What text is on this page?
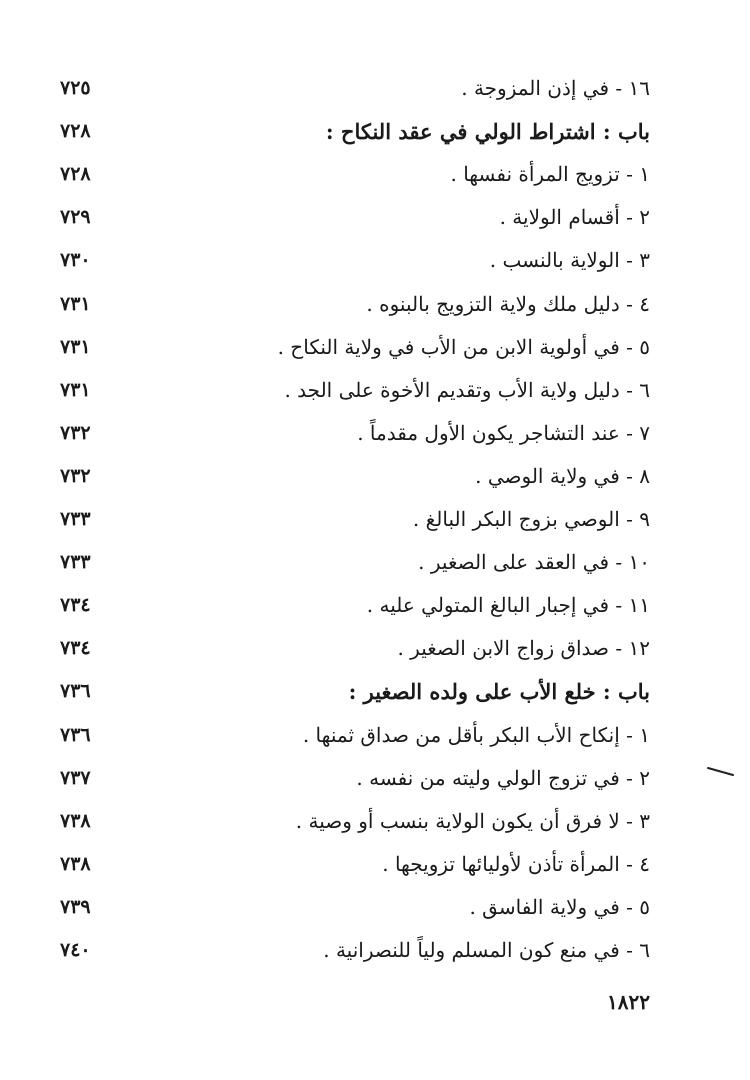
١٦ - في إذن المزوجة .
٧٢٥
باب : اشتراط الولي في عقد النكاح :
٧٢٨
١ - تزويج المرأة نفسها .
٧٢٨
٢ - أقسام الولاية .
٧٢٩
٣ - الولاية بالنسب .
٧٣٠
٤ - دليل ملك ولاية التزويج بالبنوه .
٧٣١
٥ - في أولوية الابن من الأب في ولاية النكاح .
٧٣١
٦ - دليل ولاية الأب وتقديم الأخوة على الجد .
٧٣١
٧ - عند التشاجر يكون الأول مقدماً .
٧٣٢
٨ - في ولاية الوصي .
٧٣٢
٩ - الوصي بزوج البكر البالغ .
٧٣٣
١٠ - في العقد على الصغير .
٧٣٣
١١ - في إجبار البالغ المتولي عليه .
٧٣٤
١٢ - صداق زواج الابن الصغير .
٧٣٤
باب : خلع الأب على ولده الصغير :
٧٣٦
١ - إنكاح الأب البكر بأقل من صداق ثمنها .
٧٣٦
٢ - في تزوج الولي وليته من نفسه .
٧٣٧
٣ - لا فرق أن يكون الولاية بنسب أو وصية .
٧٣٨
٤ - المرأة تأذن لأوليائها تزويجها .
٧٣٨
٥ - في ولاية الفاسق .
٧٣٩
٦ - في منع كون المسلم ولياً للنصرانية .
٧٤٠
١٨٢٢
